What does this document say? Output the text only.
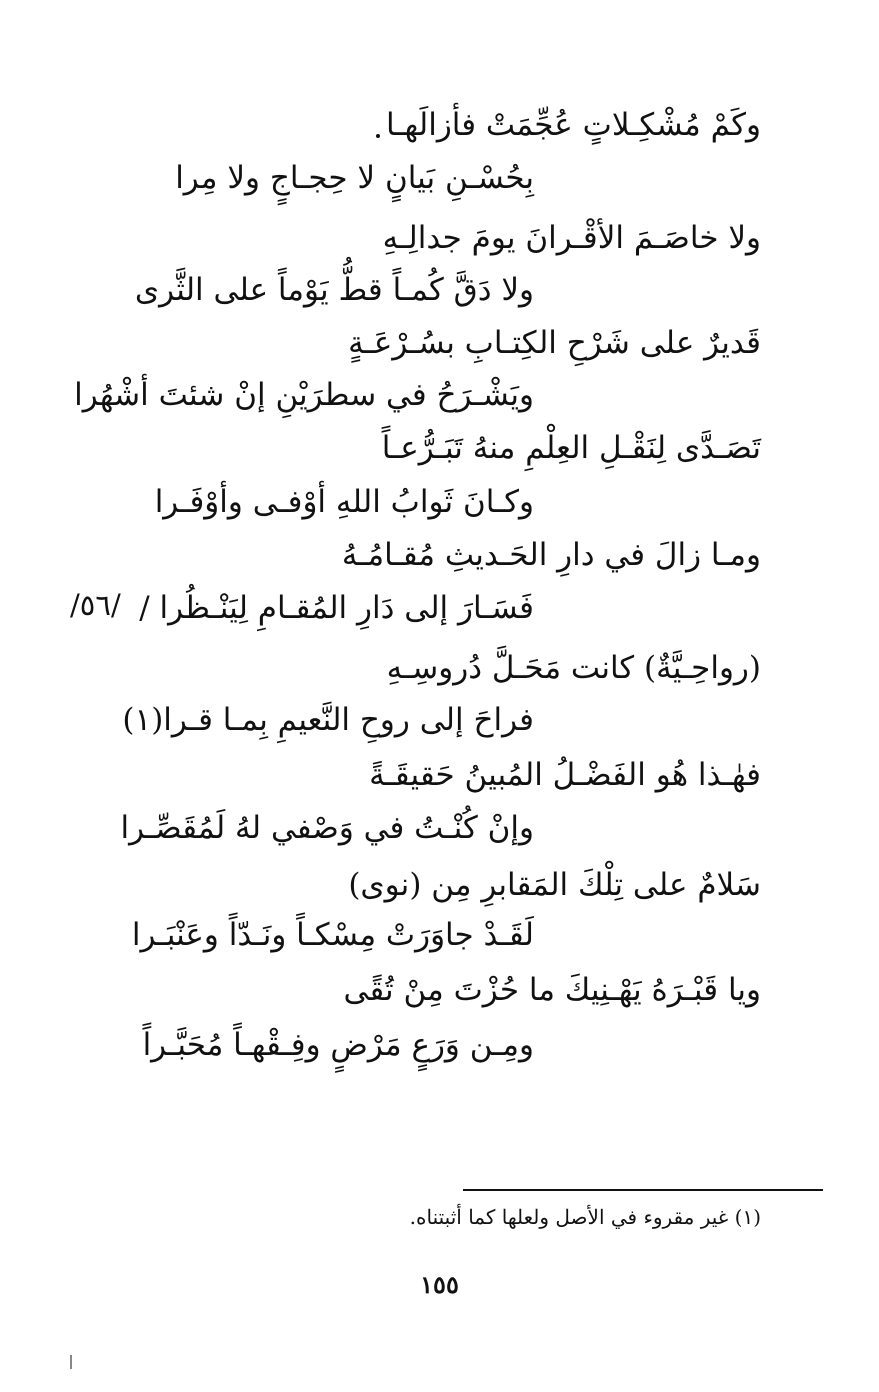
وكَمْ مُشْكِـلاتٍ عُجِّمَتْ فأزالَهـا
بِحُسْـنِ بَيانٍ لا حِجـاجٍ ولا مِرا
ولا خاصَـمَ الأقْـرانَ يومَ جدالِـهِ
ولا دَقَّ كُمـاً قطُّ يَوْماً على الثَّرى
قَديرٌ على شَرْحِ الكِتـابِ بسُـرْعَـةٍ
ويَشْـرَحُ في سطرَيْنِ إنْ شئتَ أشْهُرا
تَصَـدَّى لِنَقْـلِ العِلْمِ منهُ تَبَـرُّعـاً
وكـانَ ثَوابُ اللهِ أوْفـى وأوْفَـرا
ومـا زالَ في دارِ الحَـديثِ مُقـامُـهُ
فَسَـارَ إلى دَارِ المُقـامِ لِيَنْـظُرا /
/٥٦/
(رواحِـيَّةٌ) كانت مَحَـلَّ دُروسِـهِ
فراحَ إلى روحِ النَّعيمِ بِمـا قـرا(١)
فهٰـذا هُو الفَضْـلُ المُبينُ حَقيقَـةً
وإنْ كُنْـتُ في وَصْفي لهُ لَمُقَصِّـرا
سَلامٌ على تِلْكَ المَقابرِ مِن (نوى)
لَقَـدْ جاوَرَتْ مِسْكـاً ونَـدّاً وعَنْبَـرا
ويا قَبْـرَهُ يَهْـنِيكَ ما حُزْتَ مِنْ تُقًى
ومِـن وَرَعٍ مَرْضٍ وفِـقْهـاً مُحَبَّـراً
(١) غير مقروء في الأصل ولعلها كما أثبتناه.
١٥٥
